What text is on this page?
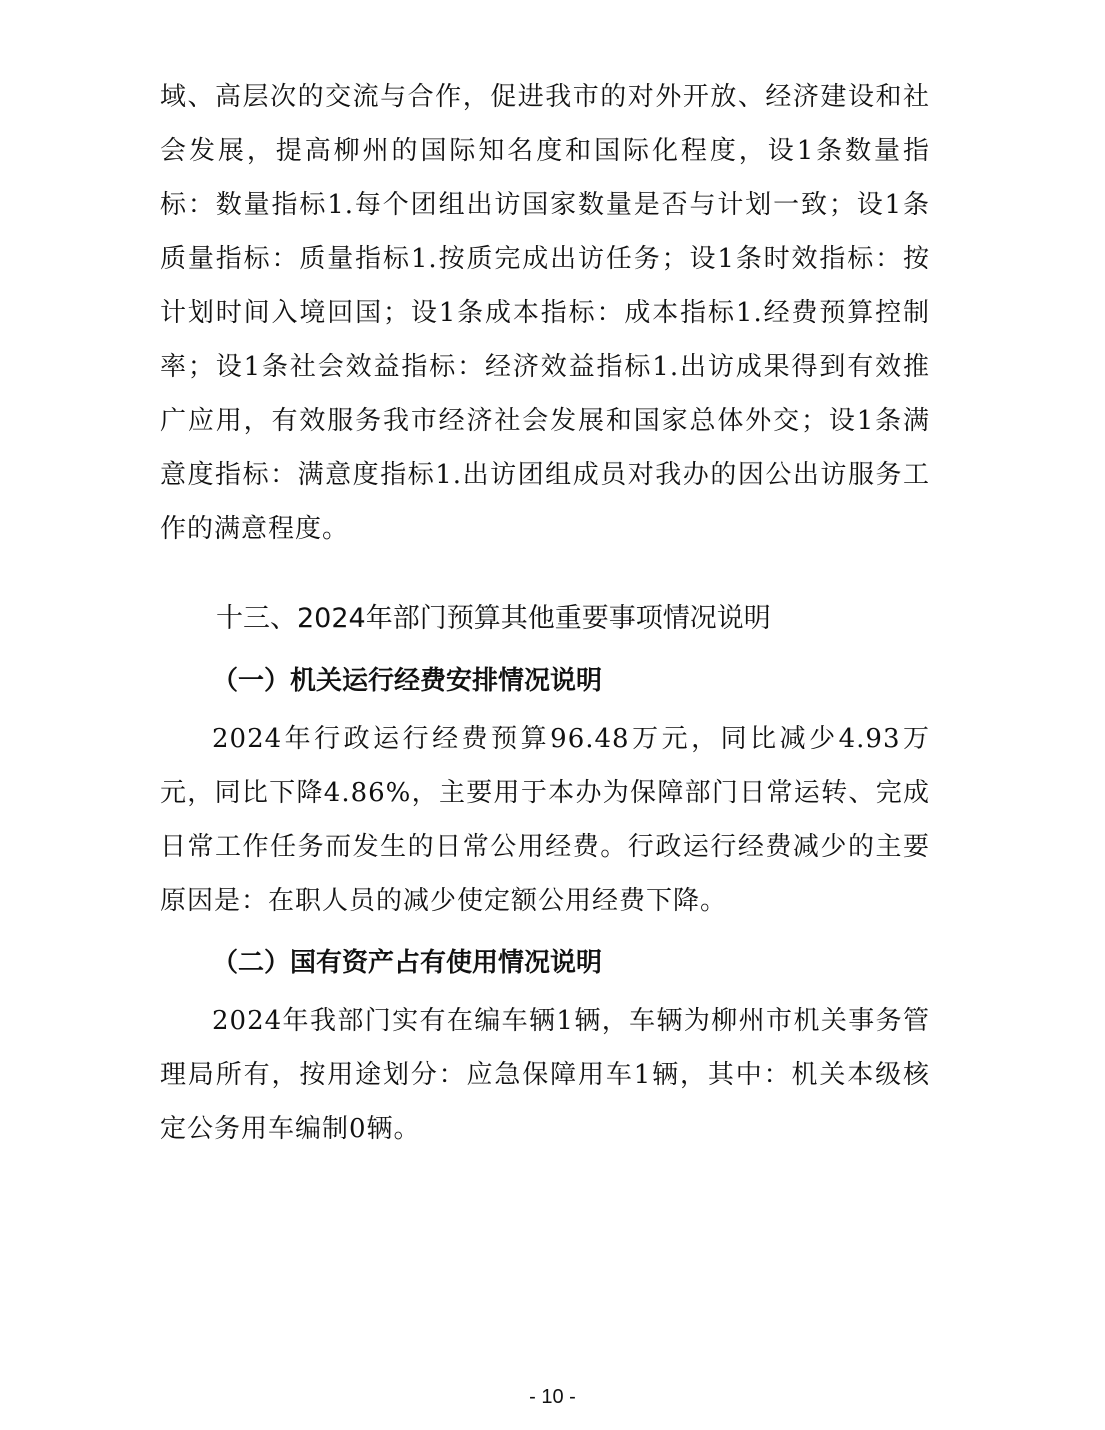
域、高层次的交流与合作，促进我市的对外开放、经济建设和社会发展，提高柳州的国际知名度和国际化程度，设1条数量指标：数量指标1.每个团组出访国家数量是否与计划一致；设1条质量指标：质量指标1.按质完成出访任务；设1条时效指标：按计划时间入境回国；设1条成本指标：成本指标1.经费预算控制率；设1条社会效益指标：经济效益指标1.出访成果得到有效推广应用，有效服务我市经济社会发展和国家总体外交；设1条满意度指标：满意度指标1.出访团组成员对我办的因公出访服务工作的满意程度。

十三、2024年部门预算其他重要事项情况说明
（一）机关运行经费安排情况说明

2024年行政运行经费预算96.48万元，同比减少4.93万元，同比下降4.86%，主要用于本办为保障部门日常运转、完成日常工作任务而发生的日常公用经费。行政运行经费减少的主要原因是：在职人员的减少使定额公用经费下降。

（二）国有资产占有使用情况说明

2024年我部门实有在编车辆1辆，车辆为柳州市机关事务管理局所有，按用途划分：应急保障用车1辆，其中：机关本级核定公务用车编制0辆。

- 10 -
